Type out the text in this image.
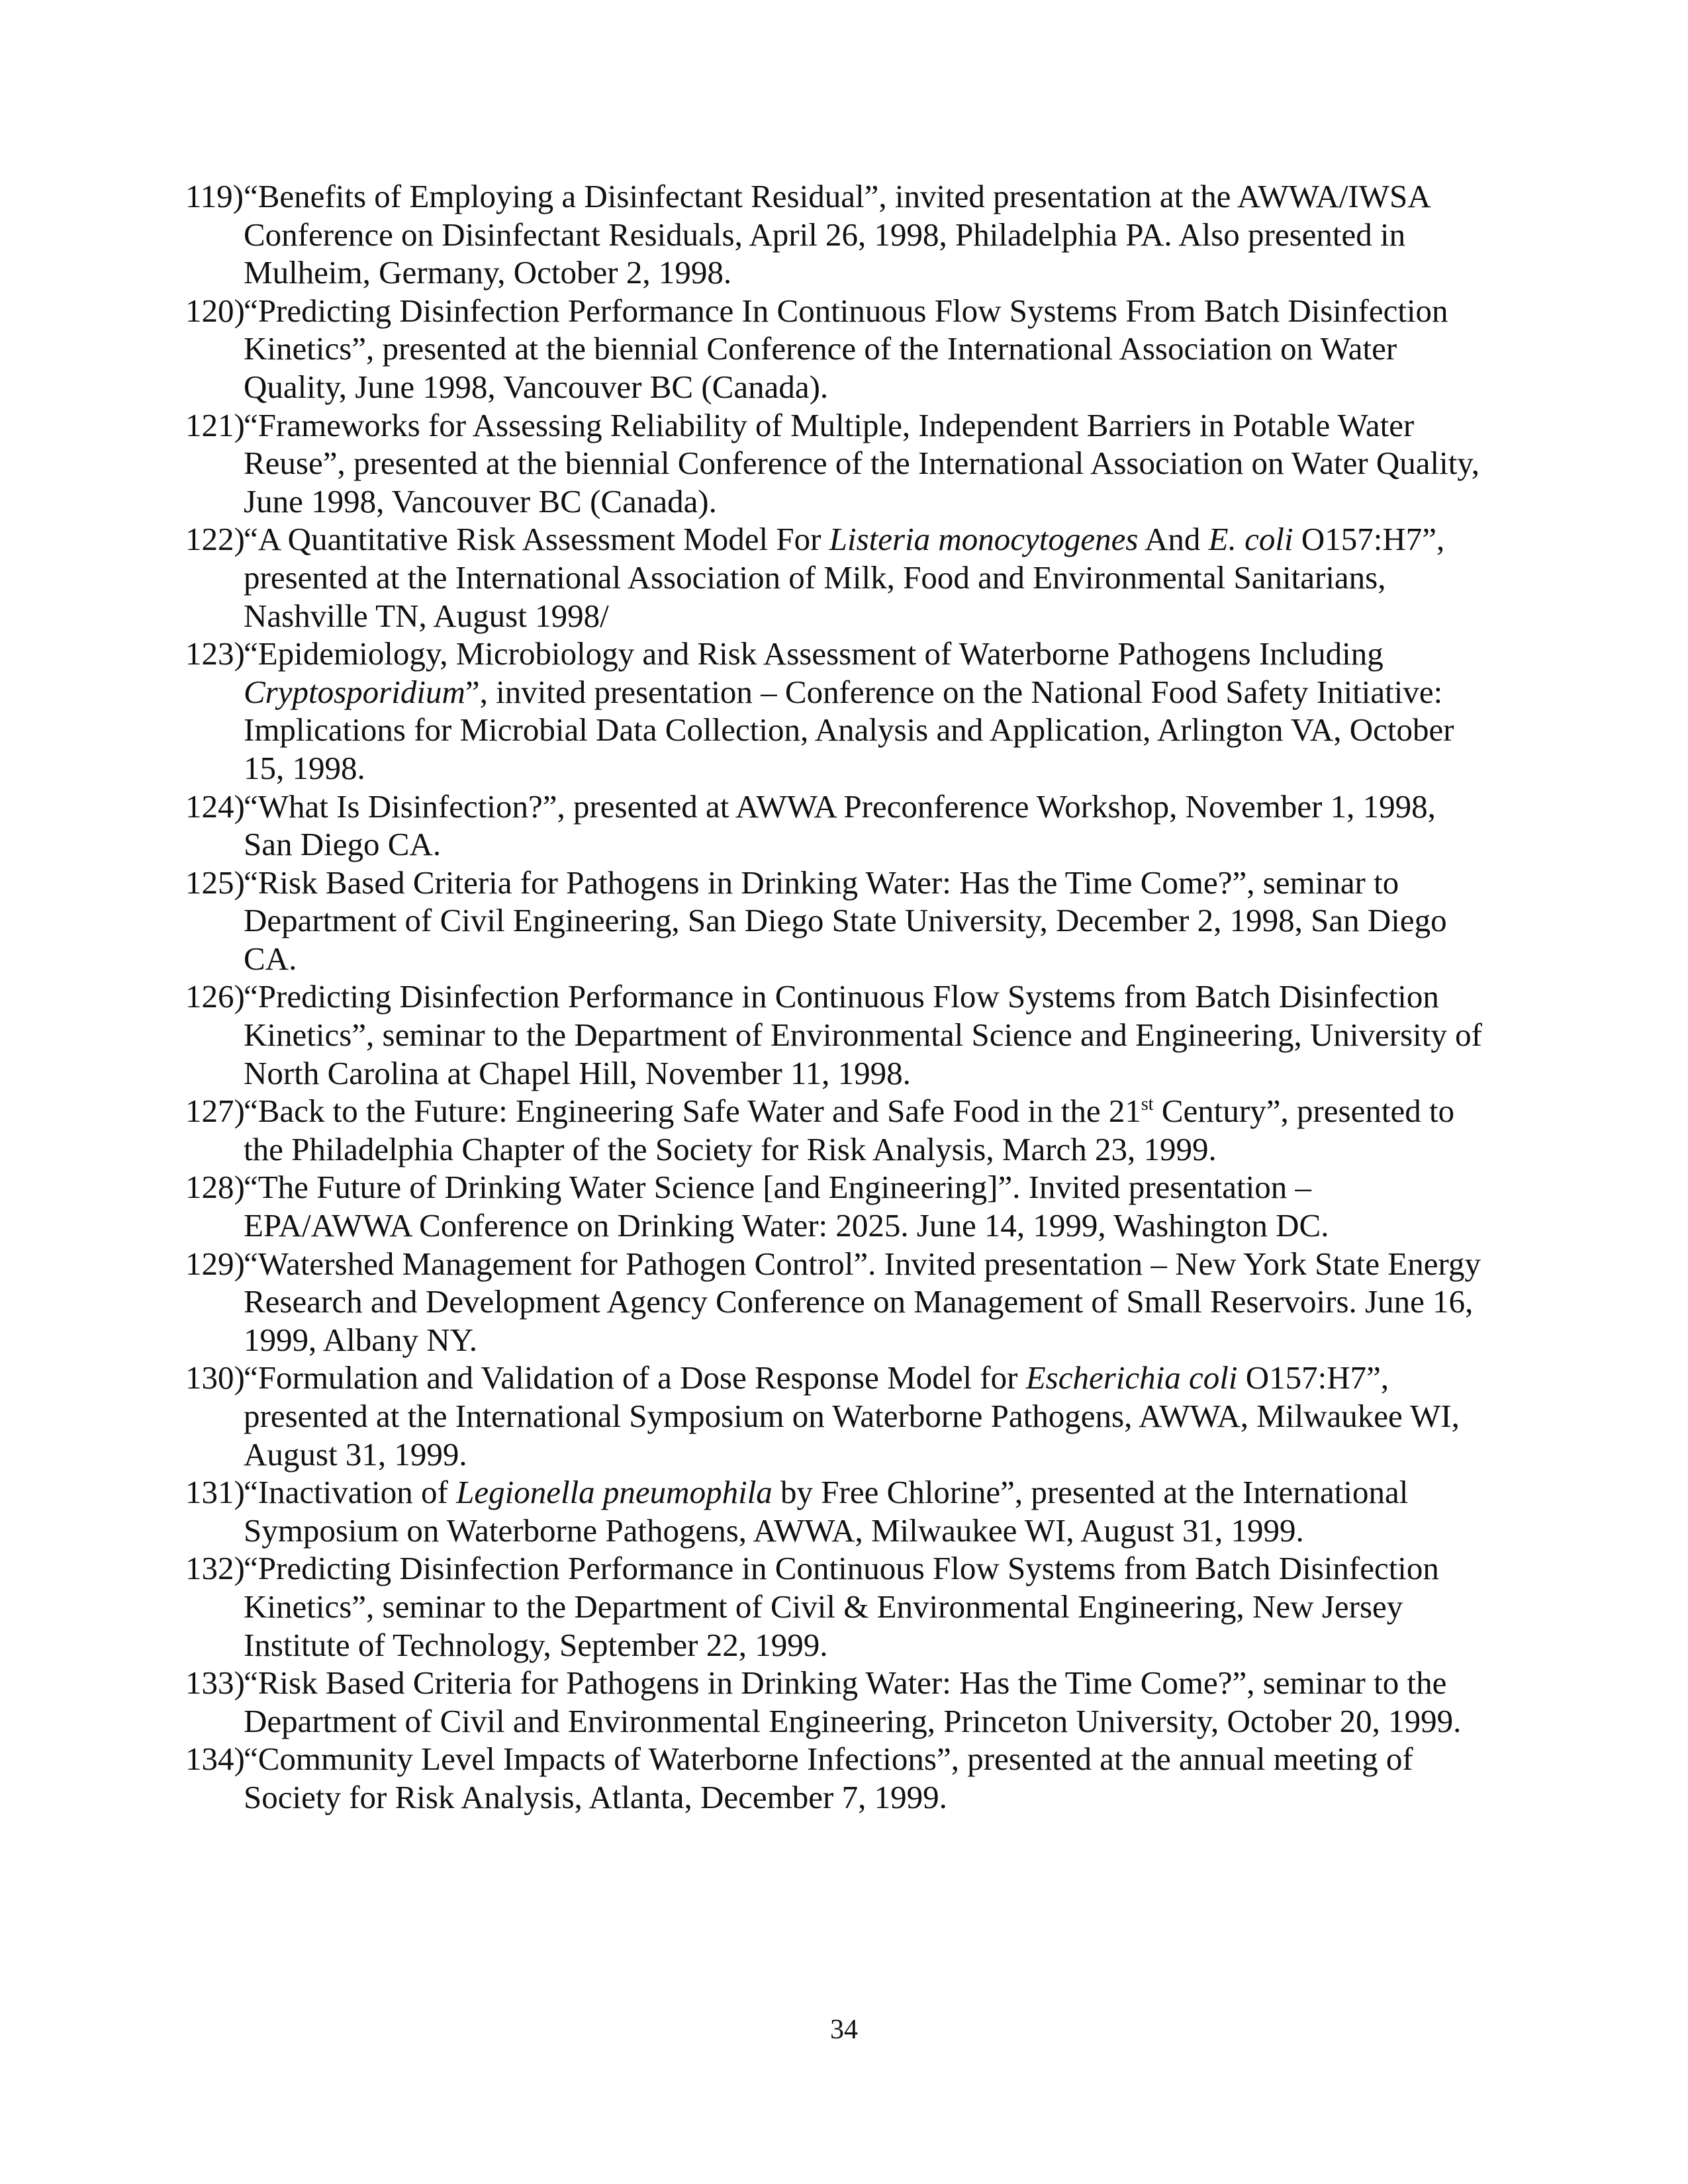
119) “Benefits of Employing a Disinfectant Residual”, invited presentation at the AWWA/IWSA Conference on Disinfectant Residuals, April 26, 1998, Philadelphia PA. Also presented in Mulheim, Germany, October 2, 1998.
120)
“Predicting Disinfection Performance In Continuous Flow Systems From Batch Disinfection Kinetics”, presented at the biennial Conference of the International Association on Water Quality, June 1998, Vancouver BC (Canada).
121)
“Frameworks for Assessing Reliability of Multiple, Independent Barriers in Potable Water Reuse”, presented at the biennial Conference of the International Association on Water Quality, June 1998, Vancouver BC (Canada).
122)
“A Quantitative Risk Assessment Model For Listeria monocytogenes And E. coli O157:H7”, presented at the International Association of Milk, Food and Environmental Sanitarians, Nashville TN, August 1998/
123)
“Epidemiology, Microbiology and Risk Assessment of Waterborne Pathogens Including Cryptosporidium”, invited presentation – Conference on the National Food Safety Initiative: Implications for Microbial Data Collection, Analysis and Application, Arlington VA, October 15, 1998.
124)
“What Is Disinfection?”, presented at AWWA Preconference Workshop, November 1, 1998, San Diego CA.
125)
“Risk Based Criteria for Pathogens in Drinking Water: Has the Time Come?”, seminar to Department of Civil Engineering, San Diego State University, December 2, 1998, San Diego CA.
126)
“Predicting Disinfection Performance in Continuous Flow Systems from Batch Disinfection Kinetics”, seminar to the Department of Environmental Science and Engineering, University of North Carolina at Chapel Hill, November 11, 1998.
127)
“Back to the Future: Engineering Safe Water and Safe Food in the 21st Century”, presented to the Philadelphia Chapter of the Society for Risk Analysis, March 23, 1999.
128)
“The Future of Drinking Water Science [and Engineering]”. Invited presentation – EPA/AWWA Conference on Drinking Water: 2025. June 14, 1999, Washington DC.
129)
“Watershed Management for Pathogen Control”. Invited presentation – New York State Energy Research and Development Agency Conference on Management of Small Reservoirs. June 16, 1999, Albany NY.
130)
“Formulation and Validation of a Dose Response Model for Escherichia coli O157:H7”, presented at the International Symposium on Waterborne Pathogens, AWWA, Milwaukee WI, August 31, 1999.
131)
“Inactivation of Legionella pneumophila by Free Chlorine”, presented at the International Symposium on Waterborne Pathogens, AWWA, Milwaukee WI, August 31, 1999.
132)
“Predicting Disinfection Performance in Continuous Flow Systems from Batch Disinfection Kinetics”, seminar to the Department of Civil & Environmental Engineering, New Jersey Institute of Technology, September 22, 1999.
133)
“Risk Based Criteria for Pathogens in Drinking Water: Has the Time Come?”, seminar to the Department of Civil and Environmental Engineering, Princeton University, October 20, 1999.
134)
“Community Level Impacts of Waterborne Infections”, presented at the annual meeting of Society for Risk Analysis, Atlanta, December 7, 1999.
34
